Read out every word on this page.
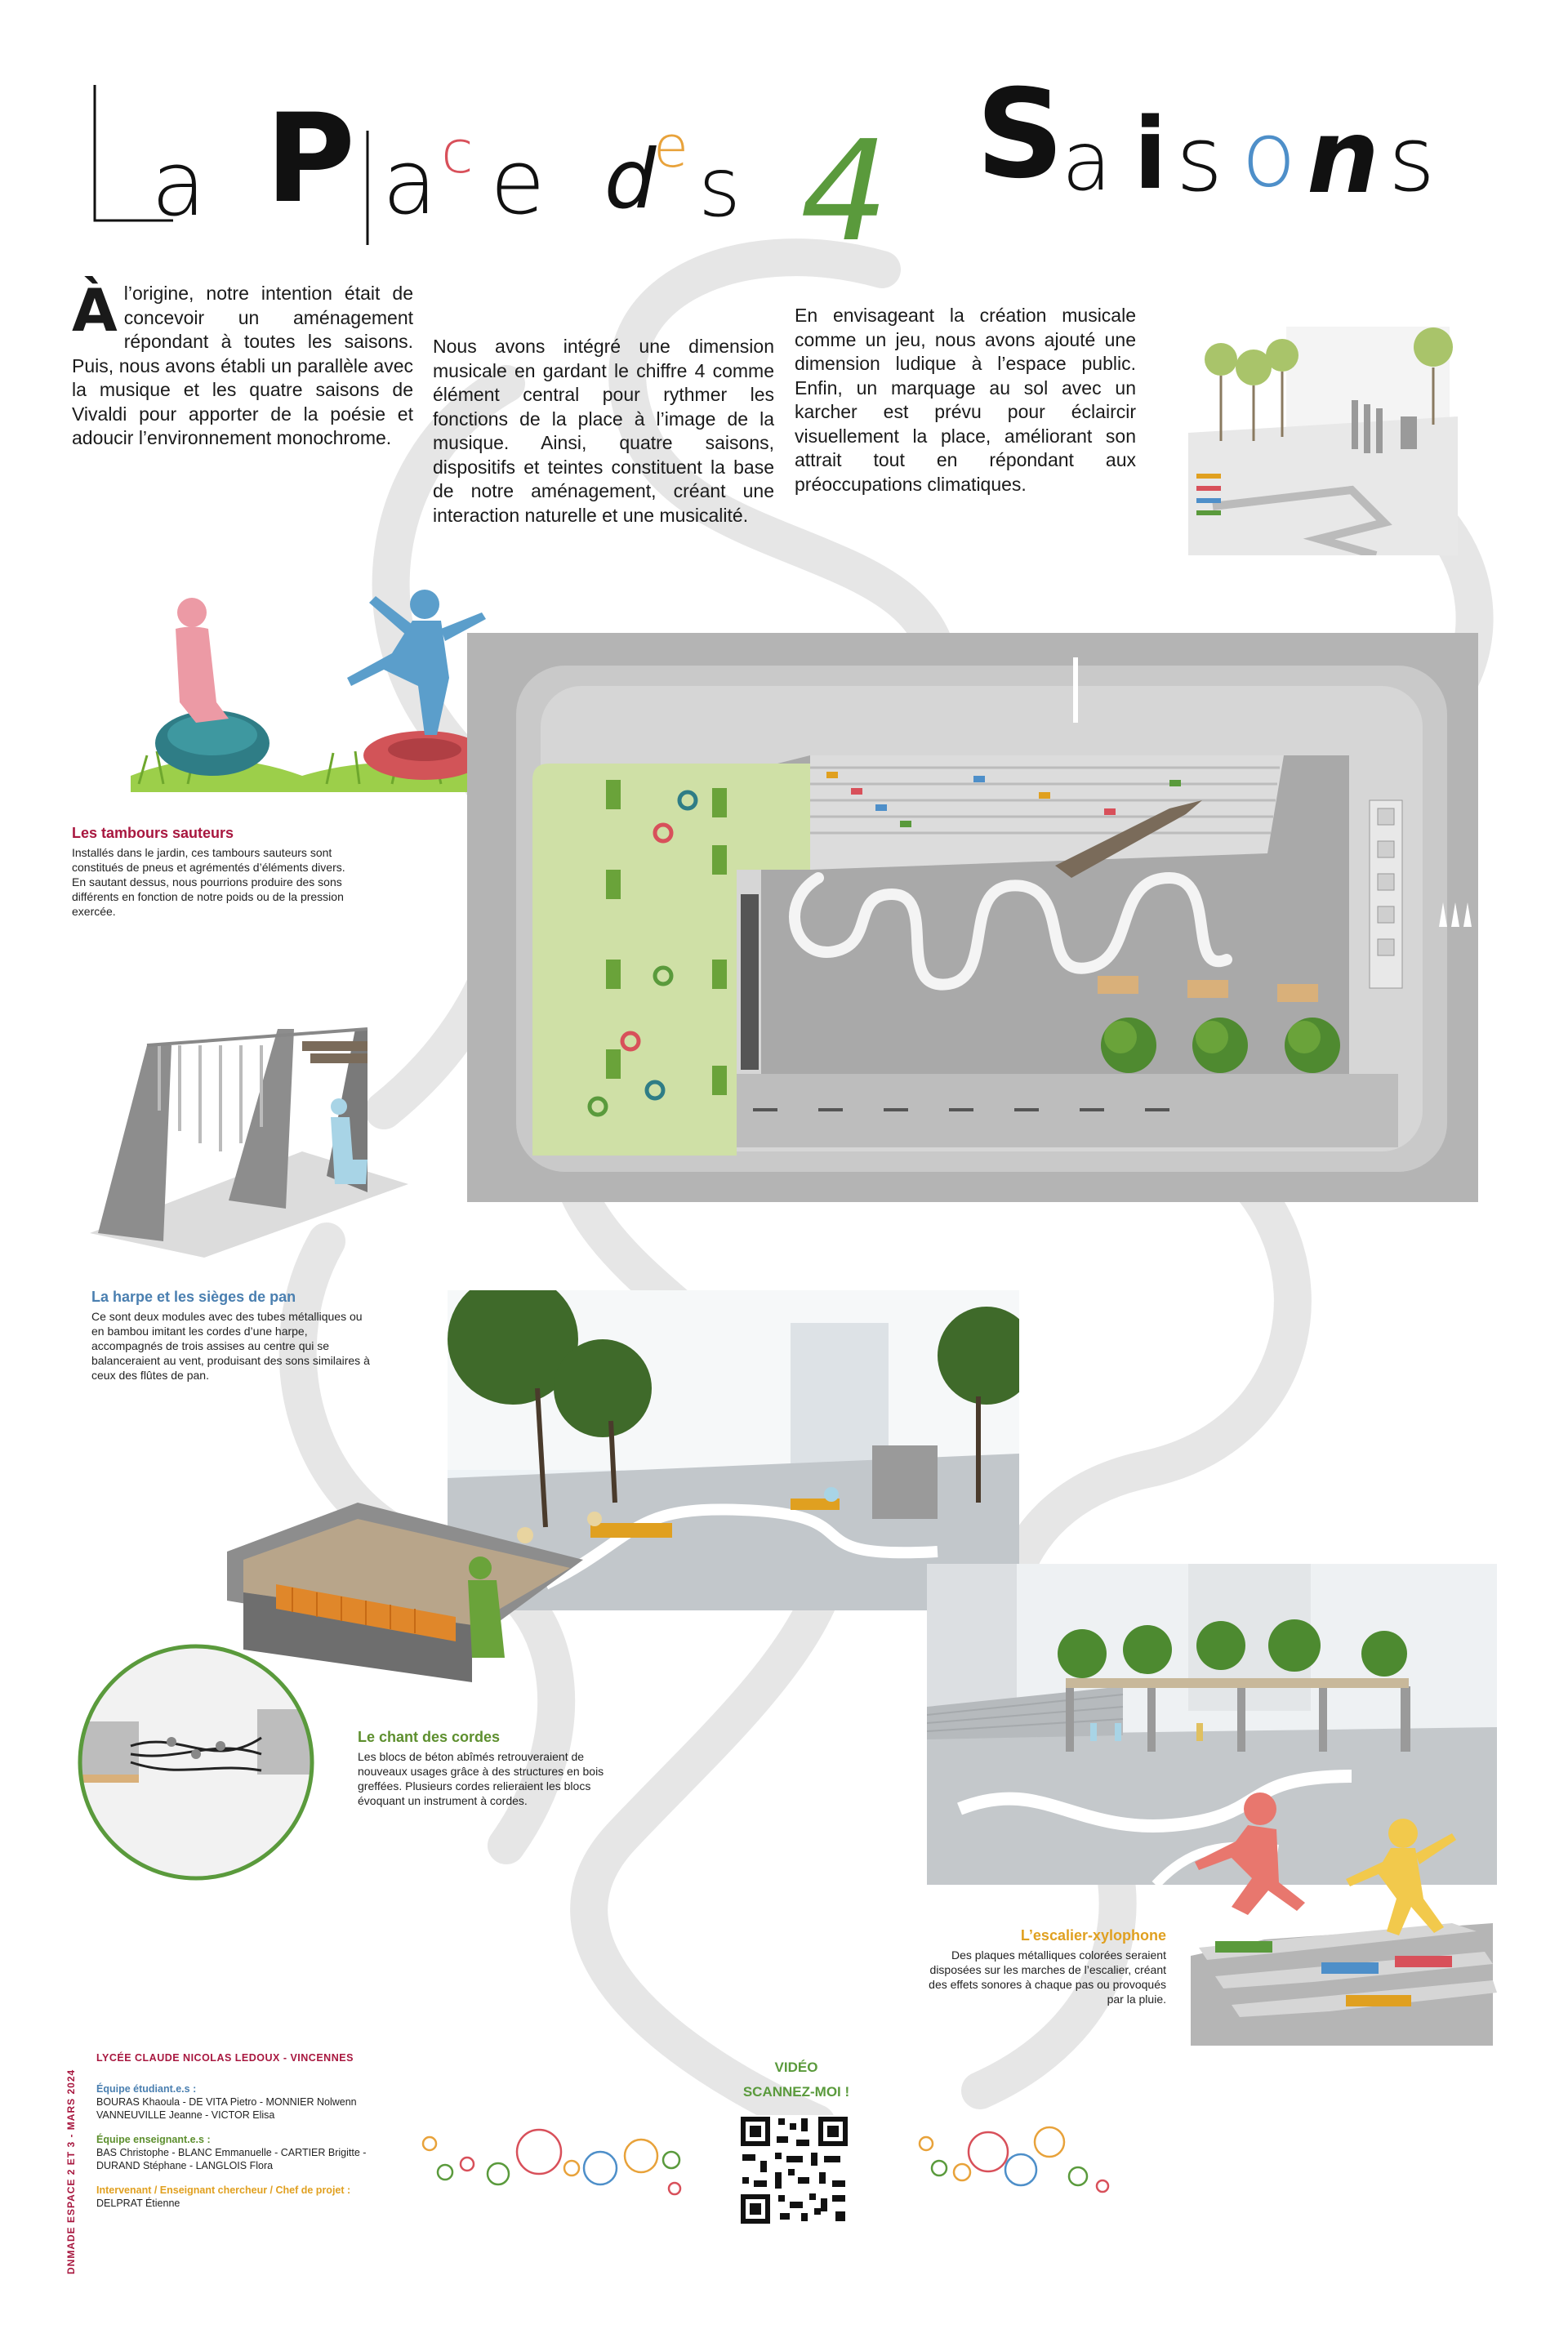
a P a c e d
e s 4 S
a i s o n s
Àl’origine, notre intention était de concevoir un aménagement répondant à toutes les saisons. Puis, nous avons établi un parallèle avec la musique et les quatre saisons de Vivaldi pour apporter de la poésie et adoucir l’environnement monochrome.
Nous avons intégré une dimension musicale en gardant le chiffre 4 comme élément central pour rythmer les fonctions de la place à l’image de la musique. Ainsi, quatre saisons, dispositifs et teintes constituent la base de notre aménagement, créant une interaction naturelle et une musicalité.
En envisageant la création musicale comme un jeu, nous avons ajouté une dimension ludique à l’espace public. Enfin, un marquage au sol avec un karcher est prévu pour éclaircir visuellement la place, améliorant son attrait tout en répondant aux préoccupations climatiques.

Les tambours sauteurs

Installés dans le jardin, ces tambours sauteurs sont constitués de pneus et agrémentés d’éléments divers. En sautant dessus, nous pourrions produire des sons différents en fonction de notre poids ou de la pression exercée.

La harpe et les sièges de pan

Ce sont deux modules avec des tubes métalliques ou en bambou imitant les cordes d’une harpe, accompagnés de trois assises au centre qui se balanceraient au vent, produisant des sons similaires à ceux des flûtes de pan.

Le chant des cordes

Les blocs de béton abîmés retrouveraient de nouveaux usages grâce à des structures en bois greffées. Plusieurs cordes relieraient les blocs évoquant un instrument à cordes.

L’escalier-xylophone

Des plaques métalliques colorées seraient disposées sur les marches de l’escalier, créant des effets sonores à chaque pas ou provoqués par la pluie.

DNMADE ESPACE 2 ET 3 - MARS 2024
LYCÉE CLAUDE NICOLAS LEDOUX - VINCENNES
Équipe étudiant.e.s :
BOURAS Khaoula - DE VITA Pietro - MONNIER Nolwenn
VANNEUVILLE Jeanne - VICTOR Elisa
Équipe enseignant.e.s :
BAS Christophe - BLANC Emmanuelle - CARTIER Brigitte -
DURAND Stéphane - LANGLOIS Flora
Intervenant / Enseignant chercheur / Chef de projet :
DELPRAT Étienne
VIDÉO
SCANNEZ-MOI !
